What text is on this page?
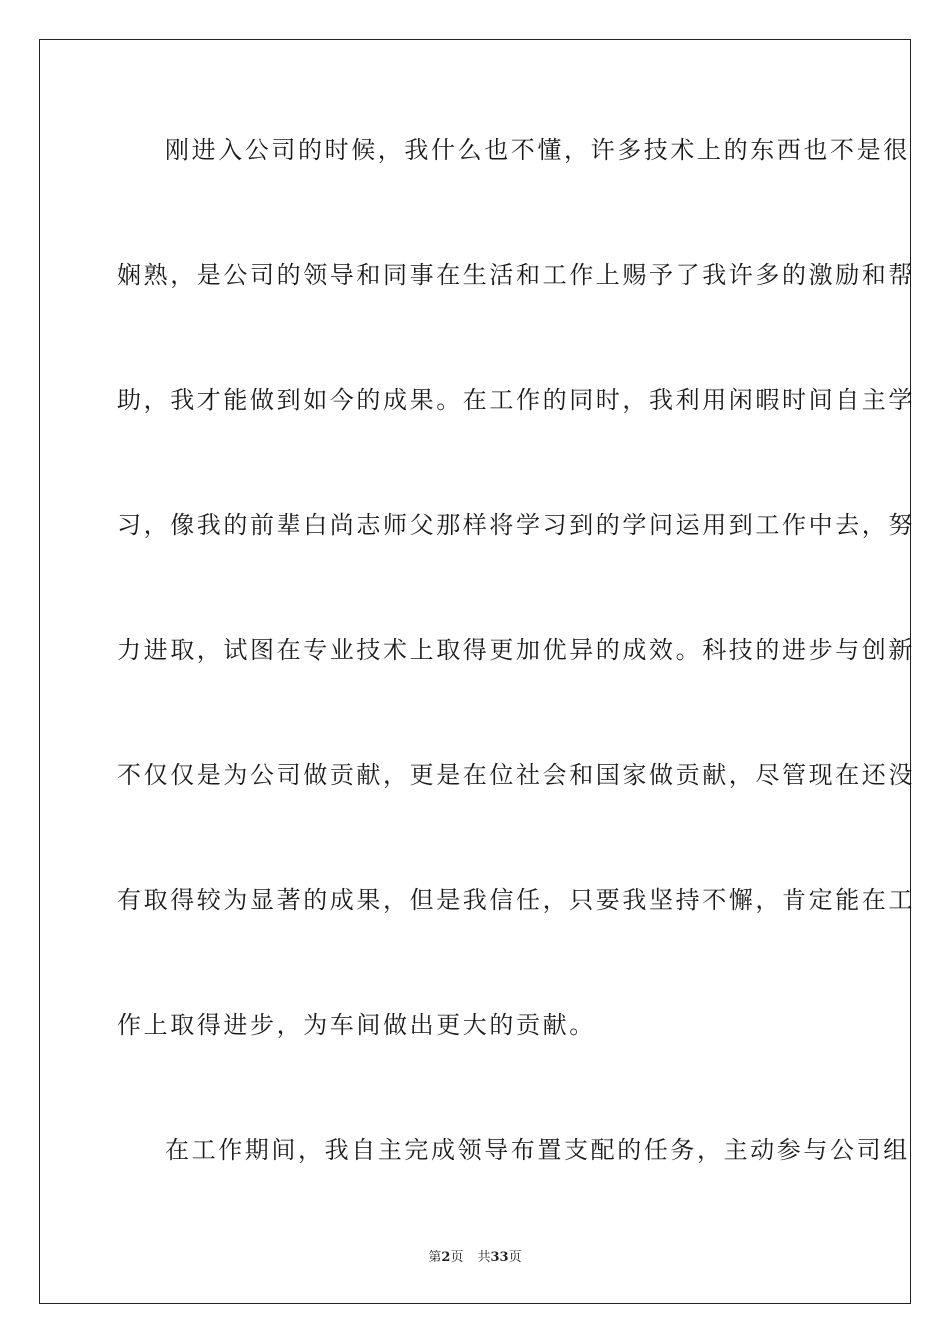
刚进入公司的时候，我什么也不懂，许多技术上的东西也不是很
娴熟，是公司的领导和同事在生活和工作上赐予了我许多的激励和帮
助，我才能做到如今的成果。在工作的同时，我利用闲暇时间自主学
习，像我的前辈白尚志师父那样将学习到的学问运用到工作中去，努
力进取，试图在专业技术上取得更加优异的成效。科技的进步与创新
不仅仅是为公司做贡献，更是在位社会和国家做贡献，尽管现在还没
有取得较为显著的成果，但是我信任，只要我坚持不懈，肯定能在工
作上取得进步，为车间做出更大的贡献。
在工作期间，我自主完成领导布置支配的任务，主动参与公司组
第2页 共33页
